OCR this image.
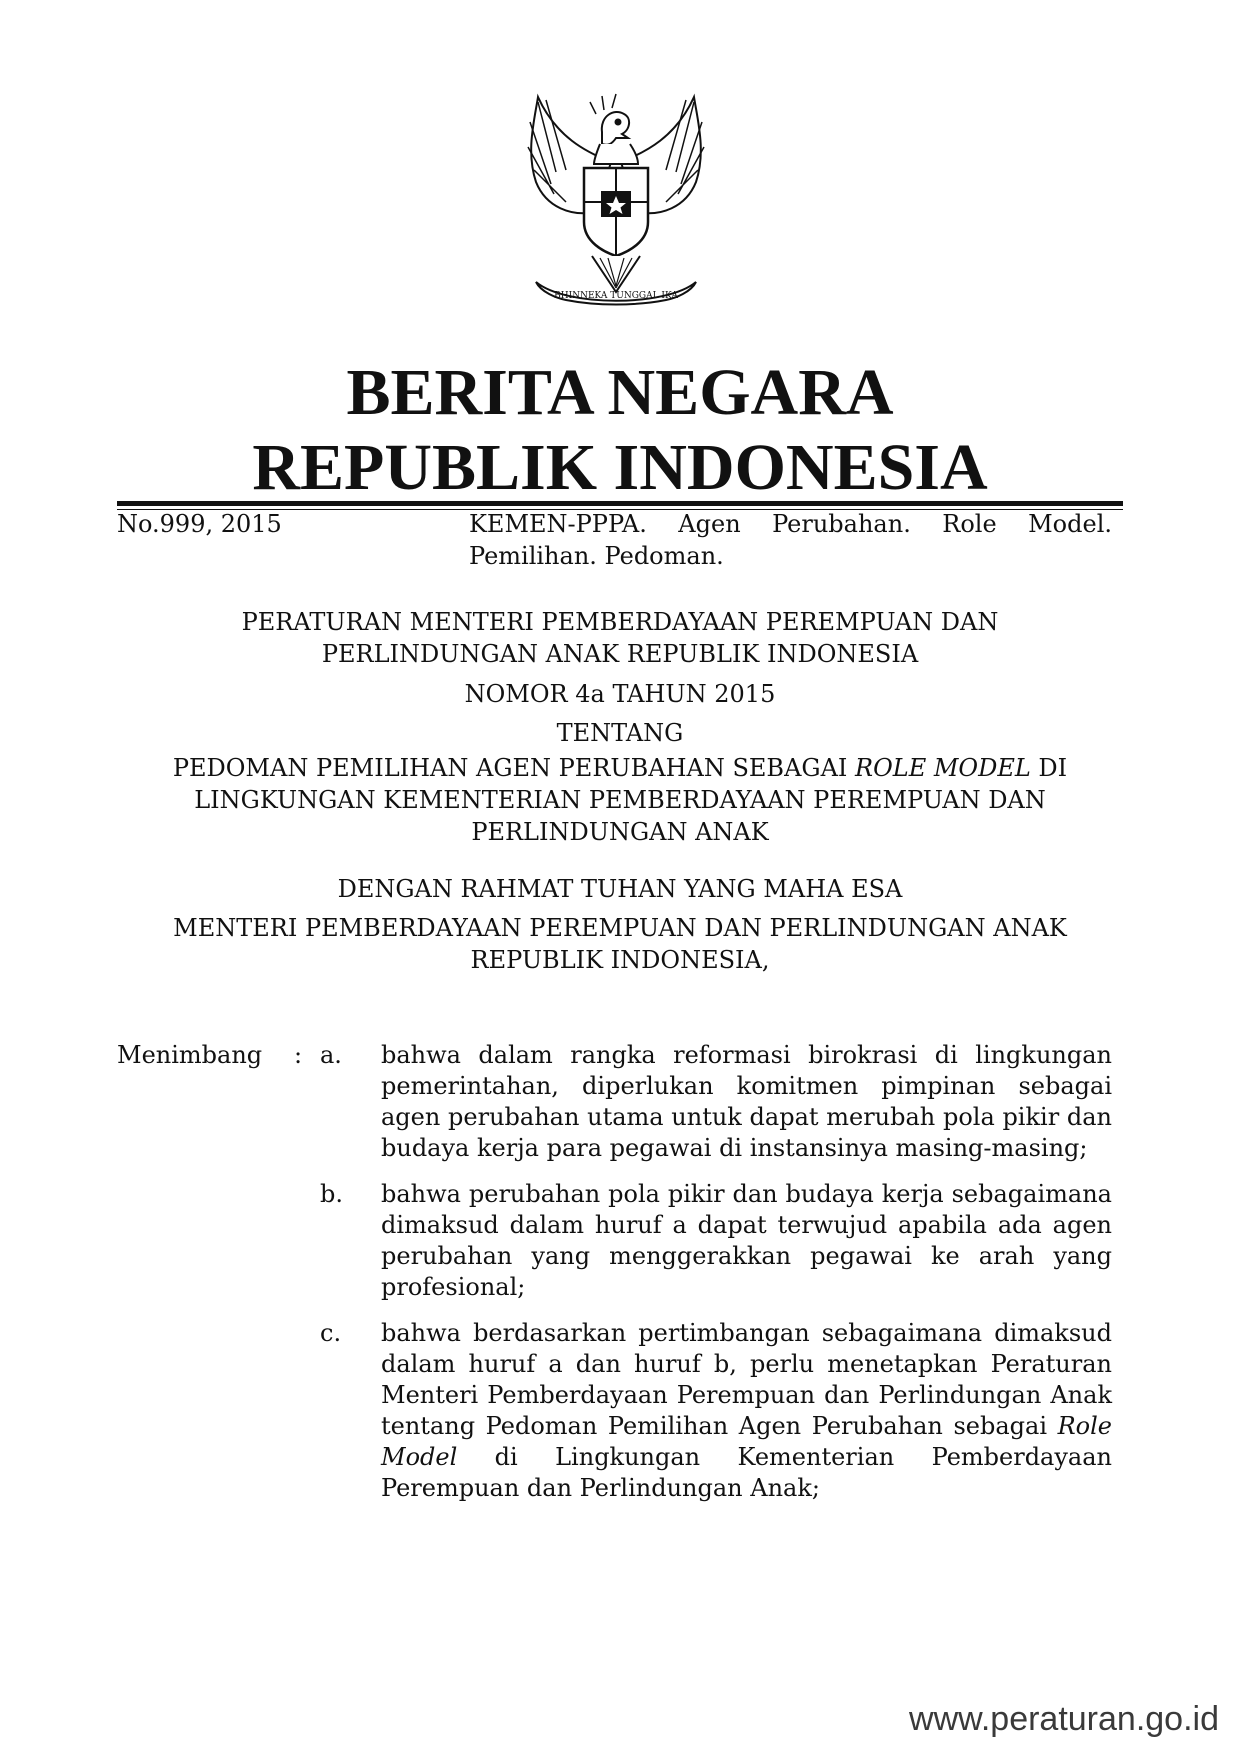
BHINNEKA TUNGGAL IKA
BERITA NEGARA
REPUBLIK INDONESIA
No.999, 2015	KEMEN-PPPA. Agen Perubahan. Role Model. Pemilihan. Pedoman.
PERATURAN MENTERI PEMBERDAYAAN PEREMPUAN DAN
PERLINDUNGAN ANAK REPUBLIK INDONESIA
NOMOR 4a TAHUN 2015
TENTANG
PEDOMAN PEMILIHAN AGEN PERUBAHAN SEBAGAI ROLE MODEL DI
LINGKUNGAN KEMENTERIAN PEMBERDAYAAN PEREMPUAN DAN
PERLINDUNGAN ANAK
DENGAN RAHMAT TUHAN YANG MAHA ESA
MENTERI PEMBERDAYAAN PEREMPUAN DAN PERLINDUNGAN ANAK
REPUBLIK INDONESIA,
Menimbang : a.	bahwa dalam rangka reformasi birokrasi di lingkungan pemerintahan, diperlukan komitmen pimpinan sebagai agen perubahan utama untuk dapat merubah pola pikir dan budaya kerja para pegawai di instansinya masing-masing;
b.	bahwa perubahan pola pikir dan budaya kerja sebagaimana dimaksud dalam huruf a dapat terwujud apabila ada agen perubahan yang menggerakkan pegawai ke arah yang profesional;
c.	bahwa berdasarkan pertimbangan sebagaimana dimaksud dalam huruf a dan huruf b, perlu menetapkan Peraturan Menteri Pemberdayaan Perempuan dan Perlindungan Anak tentang Pedoman Pemilihan Agen Perubahan sebagai Role Model di Lingkungan Kementerian Pemberdayaan Perempuan dan Perlindungan Anak;
www.peraturan.go.id
